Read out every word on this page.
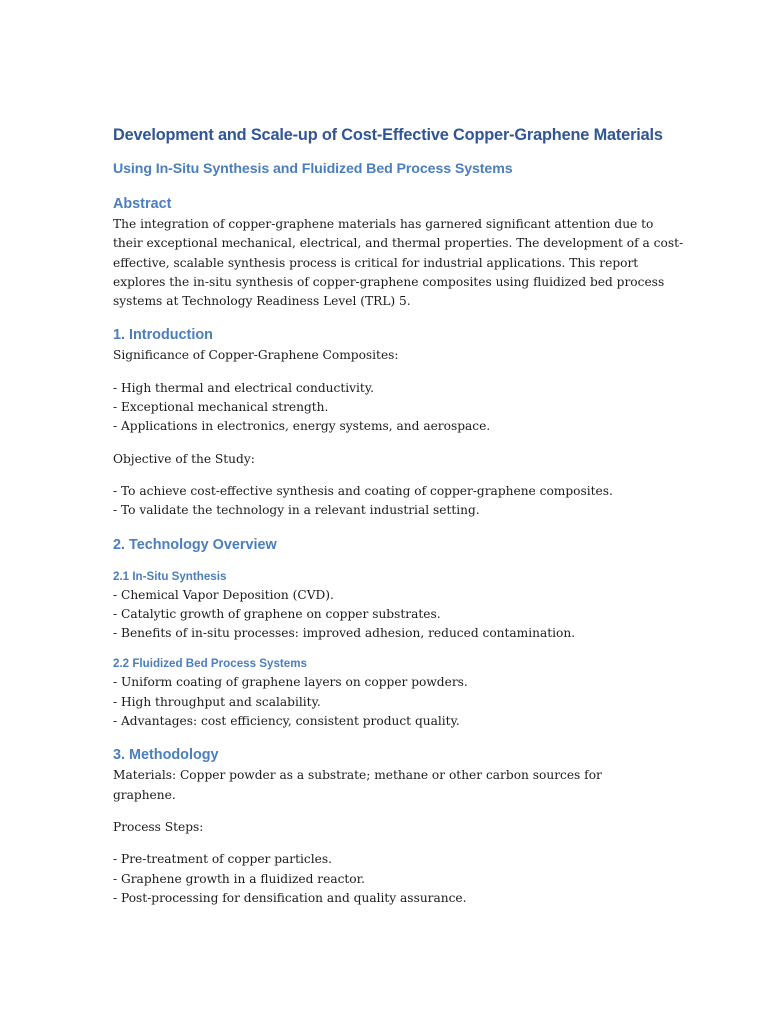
Development and Scale-up of Cost-Effective Copper-Graphene Materials
Using In-Situ Synthesis and Fluidized Bed Process Systems
Abstract

The integration of copper-graphene materials has garnered significant attention due to
their exceptional mechanical, electrical, and thermal properties. The development of a cost-
effective, scalable synthesis process is critical for industrial applications. This report
explores the in-situ synthesis of copper-graphene composites using fluidized bed process
systems at Technology Readiness Level (TRL) 5.

1. Introduction

Significance of Copper-Graphene Composites:

- High thermal and electrical conductivity.
- Exceptional mechanical strength.
- Applications in electronics, energy systems, and aerospace.

Objective of the Study:

- To achieve cost-effective synthesis and coating of copper-graphene composites.
- To validate the technology in a relevant industrial setting.
2. Technology Overview
2.1 In-Situ Synthesis
- Chemical Vapor Deposition (CVD).
- Catalytic growth of graphene on copper substrates.
- Benefits of in-situ processes: improved adhesion, reduced contamination.
2.2 Fluidized Bed Process Systems
- Uniform coating of graphene layers on copper powders.
- High throughput and scalability.
- Advantages: cost efficiency, consistent product quality.
3. Methodology

Materials: Copper powder as a substrate; methane or other carbon sources for graphene.

Process Steps:

- Pre-treatment of copper particles.
- Graphene growth in a fluidized reactor.
- Post-processing for densification and quality assurance.
